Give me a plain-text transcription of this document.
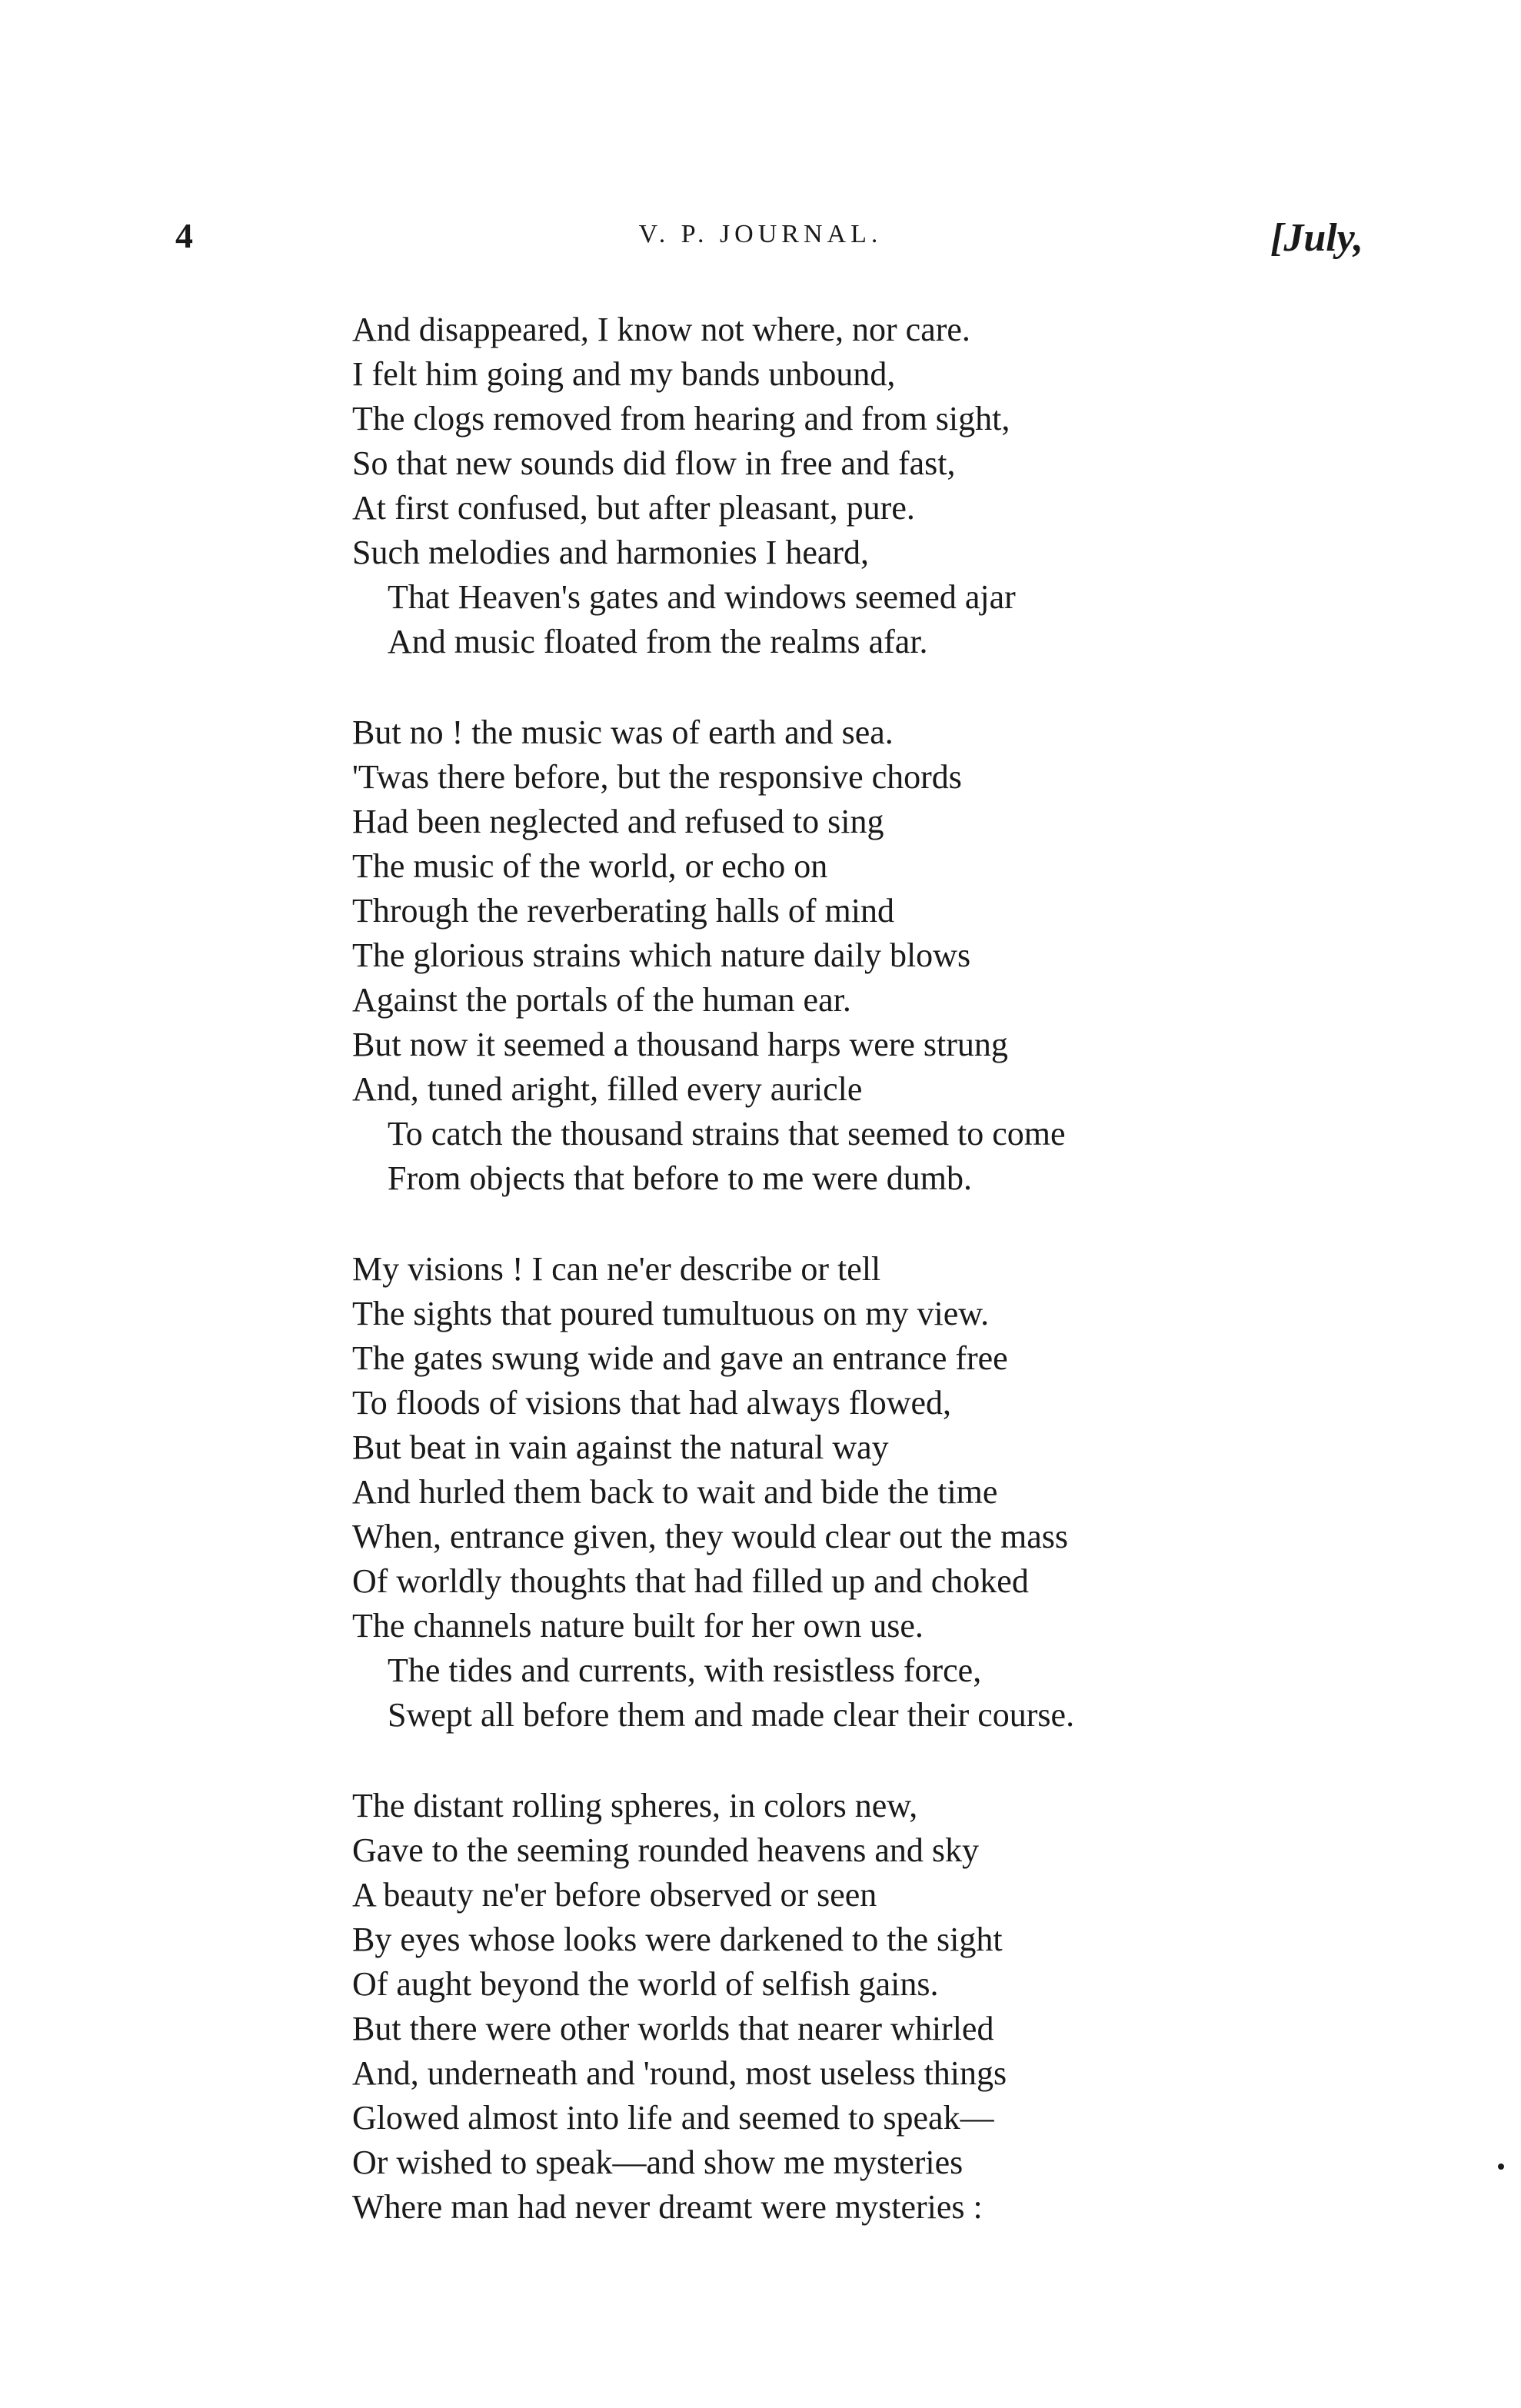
4	V. P. JOURNAL.	[July,
And disappeared, I know not where, nor care.
I felt him going and my bands unbound,
The clogs removed from hearing and from sight,
So that new sounds did flow in free and fast,
At first confused, but after pleasant, pure.
Such melodies and harmonies I heard,
That Heaven's gates and windows seemed ajar
And music floated from the realms afar.
But no ! the music was of earth and sea.
'Twas there before, but the responsive chords
Had been neglected and refused to sing
The music of the world, or echo on
Through the reverberating halls of mind
The glorious strains which nature daily blows
Against the portals of the human ear.
But now it seemed a thousand harps were strung
And, tuned aright, filled every auricle
To catch the thousand strains that seemed to come
From objects that before to me were dumb.
My visions ! I can ne'er describe or tell
The sights that poured tumultuous on my view.
The gates swung wide and gave an entrance free
To floods of visions that had always flowed,
But beat in vain against the natural way
And hurled them back to wait and bide the time
When, entrance given, they would clear out the mass
Of worldly thoughts that had filled up and choked
The channels nature built for her own use.
The tides and currents, with resistless force,
Swept all before them and made clear their course.
The distant rolling spheres, in colors new,
Gave to the seeming rounded heavens and sky
A beauty ne'er before observed or seen
By eyes whose looks were darkened to the sight
Of aught beyond the world of selfish gains.
But there were other worlds that nearer whirled
And, underneath and 'round, most useless things
Glowed almost into life and seemed to speak—
Or wished to speak—and show me mysteries
Where man had never dreamt were mysteries :
